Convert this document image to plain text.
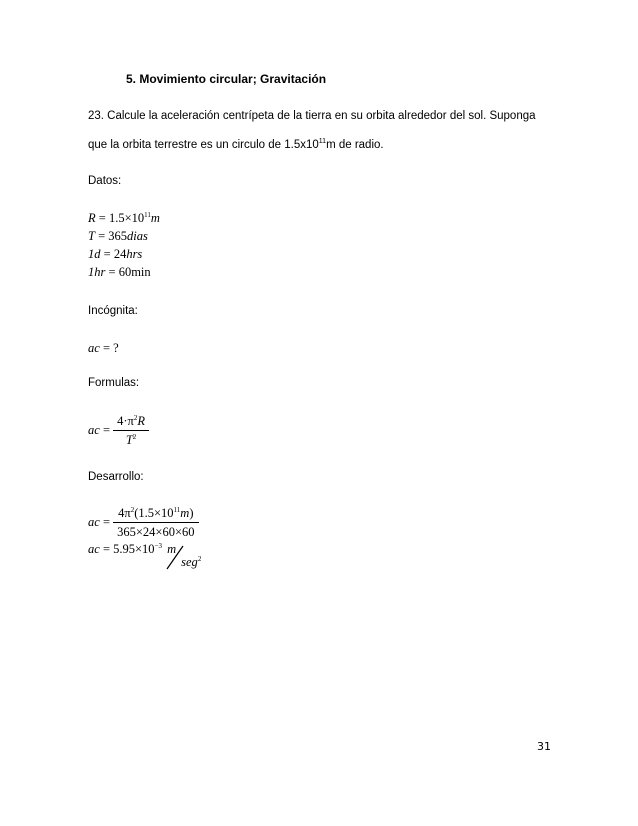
5. Movimiento circular; Gravitación
23. Calcule la aceleración centrípeta de la tierra en su orbita alrededor del sol. Suponga
que la orbita terrestre es un circulo de $1.5x10^{11}m$ de radio.
Datos:
$R = 1.5\times 10^{11}m$
T = 365dias
1d = 24hrs
1hr = 60min
Incógnita:
ac = ?
Formulas:
ac = $\frac{4\cdot\pi^2R}{T^2}$
Desarrollo:
ac = $\frac{4\pi^2(1.5\times 10^{11}m)}{365\times 24\times 60\times 60}$
ac = $5.95\times 10^{-3}$ m
seg$^2$
31
